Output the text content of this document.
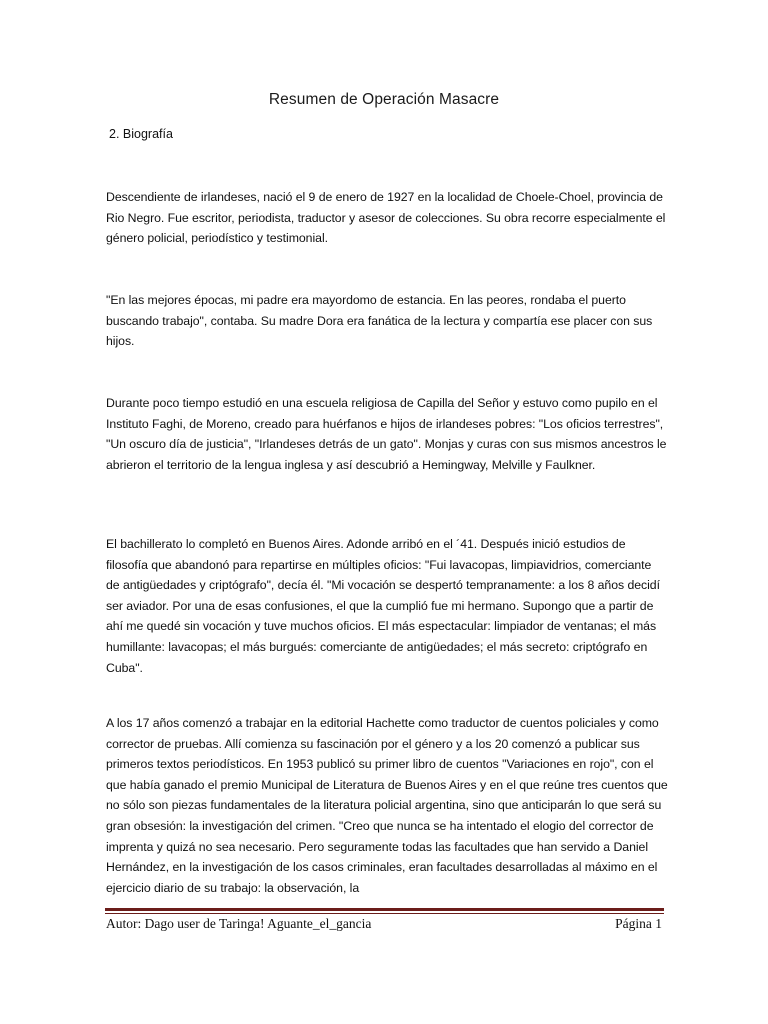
Resumen de Operación Masacre
2. Biografía

Descendiente de irlandeses, nació el 9 de enero de 1927 en la localidad de Choele-Choel, provincia de Rio Negro. Fue escritor, periodista, traductor y asesor de colecciones. Su obra recorre especialmente el género policial, periodístico y testimonial.

"En las mejores épocas, mi padre era mayordomo de estancia. En las peores, rondaba el puerto buscando trabajo", contaba. Su madre Dora era fanática de la lectura y compartía ese placer con sus hijos.

Durante poco tiempo estudió en una escuela religiosa de Capilla del Señor y estuvo como pupilo en el Instituto Faghi, de Moreno, creado para huérfanos e hijos de irlandeses pobres: "Los oficios terrestres", "Un oscuro día de justicia", "Irlandeses detrás de un gato". Monjas y curas con sus mismos ancestros le abrieron el territorio de la lengua inglesa y así descubrió a Hemingway, Melville y Faulkner.

El bachillerato lo completó en Buenos Aires. Adonde arribó en el ´41. Después inició estudios de filosofía que abandonó para repartirse en múltiples oficios: "Fui lavacopas, limpiavidrios, comerciante de antigüedades y criptógrafo", decía él. "Mi vocación se despertó tempranamente: a los 8 años decidí ser aviador. Por una de esas confusiones, el que la cumplió fue mi hermano. Supongo que a partir de ahí me quedé sin vocación y tuve muchos oficios. El más espectacular: limpiador de ventanas; el más humillante: lavacopas; el más burgués: comerciante de antigüedades; el más secreto: criptógrafo en Cuba".

A los 17 años comenzó a trabajar en la editorial Hachette como traductor de cuentos policiales y como corrector de pruebas. Allí comienza su fascinación por el género y a los 20 comenzó a publicar sus primeros textos periodísticos. En 1953 publicó su primer libro de cuentos "Variaciones en rojo", con el que había ganado el premio Municipal de Literatura de Buenos Aires y en el que reúne tres cuentos que no sólo son piezas fundamentales de la literatura policial argentina, sino que anticiparán lo que será su gran obsesión: la investigación del crimen. "Creo que nunca se ha intentado el elogio del corrector de imprenta y quizá no sea necesario. Pero seguramente todas las facultades que han servido a Daniel Hernández, en la investigación de los casos criminales, eran facultades desarrolladas al máximo en el ejercicio diario de su trabajo: la observación, la

Autor: Dago user de Taringa! Aguante_el_gancia	Página 1
